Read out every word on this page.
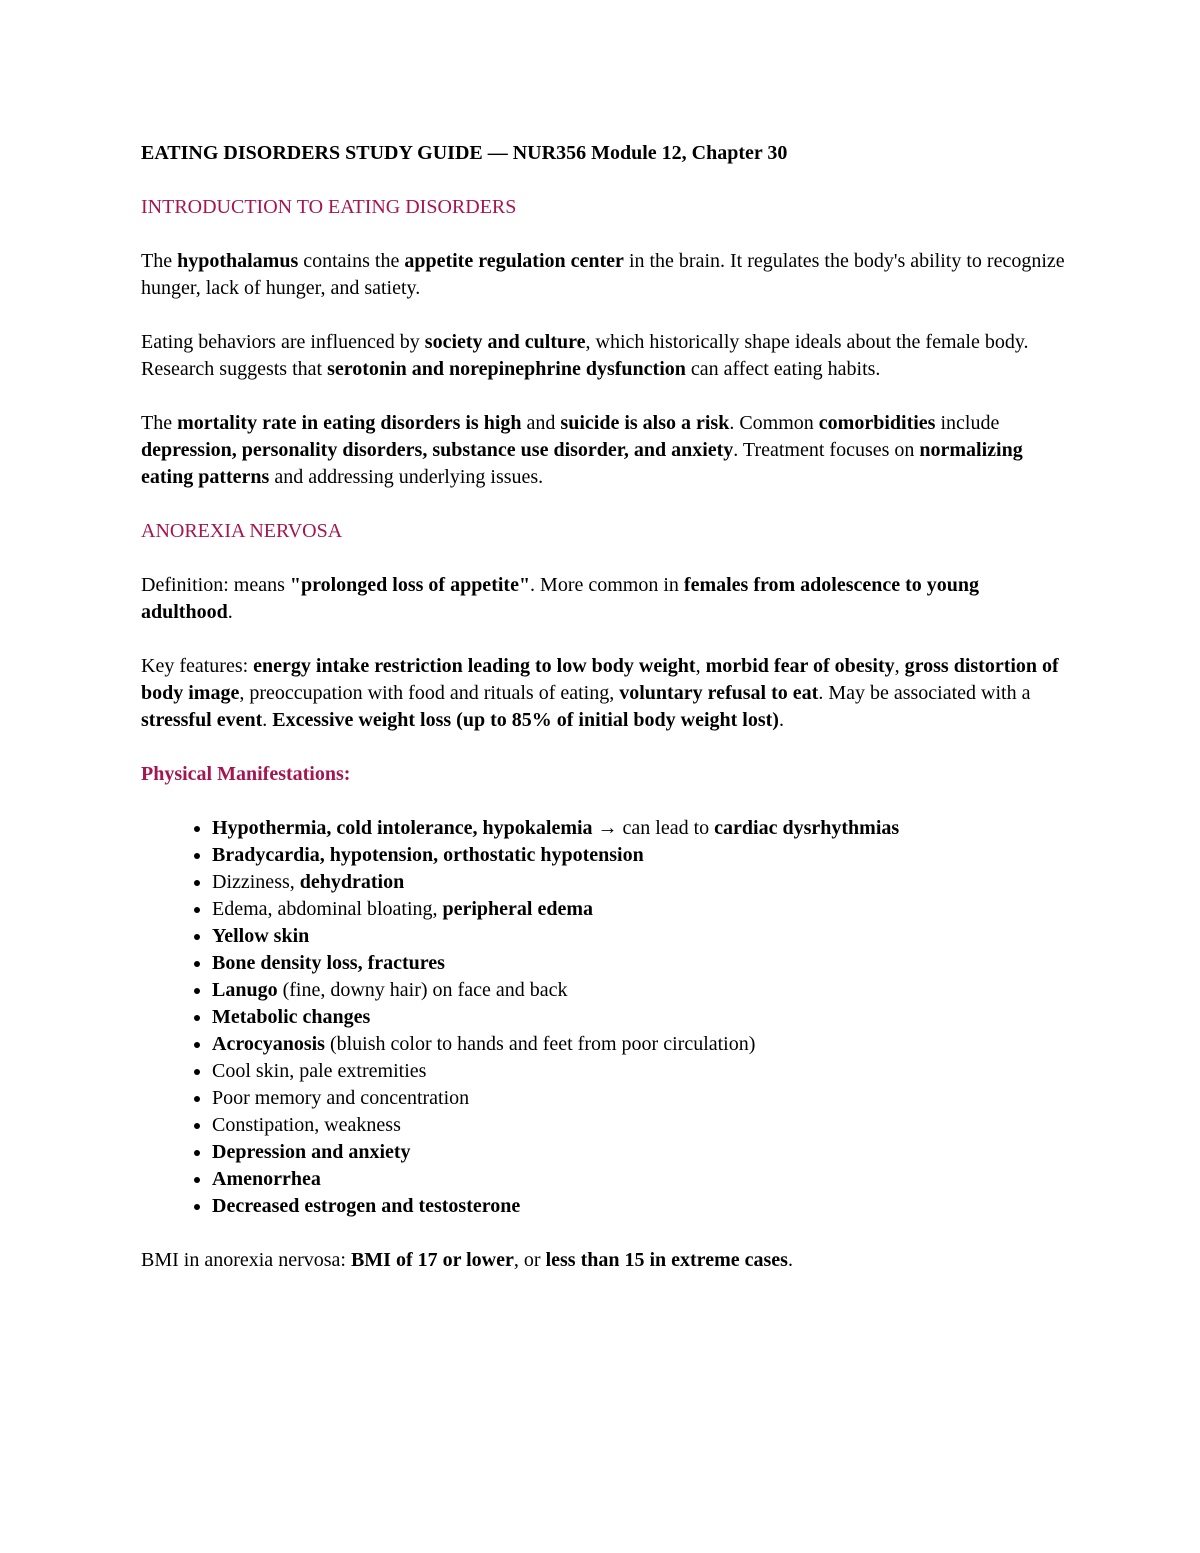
EATING DISORDERS STUDY GUIDE — NUR356 Module 12, Chapter 30
INTRODUCTION TO EATING DISORDERS

The hypothalamus contains the appetite regulation center in the brain. It regulates the body's ability to recognize hunger, lack of hunger, and satiety.

Eating behaviors are influenced by society and culture, which historically shape ideals about the female body. Research suggests that serotonin and norepinephrine dysfunction can affect eating habits.

The mortality rate in eating disorders is high and suicide is also a risk. Common comorbidities include depression, personality disorders, substance use disorder, and anxiety. Treatment focuses on normalizing eating patterns and addressing underlying issues.

ANOREXIA NERVOSA

Definition: means "prolonged loss of appetite". More common in females from adolescence to young adulthood.

Key features: energy intake restriction leading to low body weight, morbid fear of obesity, gross distortion of body image, preoccupation with food and rituals of eating, voluntary refusal to eat. May be associated with a stressful event. Excessive weight loss (up to 85% of initial body weight lost).

Physical Manifestations:
• Hypothermia, cold intolerance, hypokalemia → can lead to cardiac dysrhythmias
• Bradycardia, hypotension, orthostatic hypotension
• Dizziness, dehydration
• Edema, abdominal bloating, peripheral edema
• Yellow skin
• Bone density loss, fractures
• Lanugo (fine, downy hair) on face and back
• Metabolic changes
• Acrocyanosis (bluish color to hands and feet from poor circulation)
• Cool skin, pale extremities
• Poor memory and concentration
• Constipation, weakness
• Depression and anxiety
• Amenorrhea
• Decreased estrogen and testosterone

BMI in anorexia nervosa: BMI of 17 or lower, or less than 15 in extreme cases.
